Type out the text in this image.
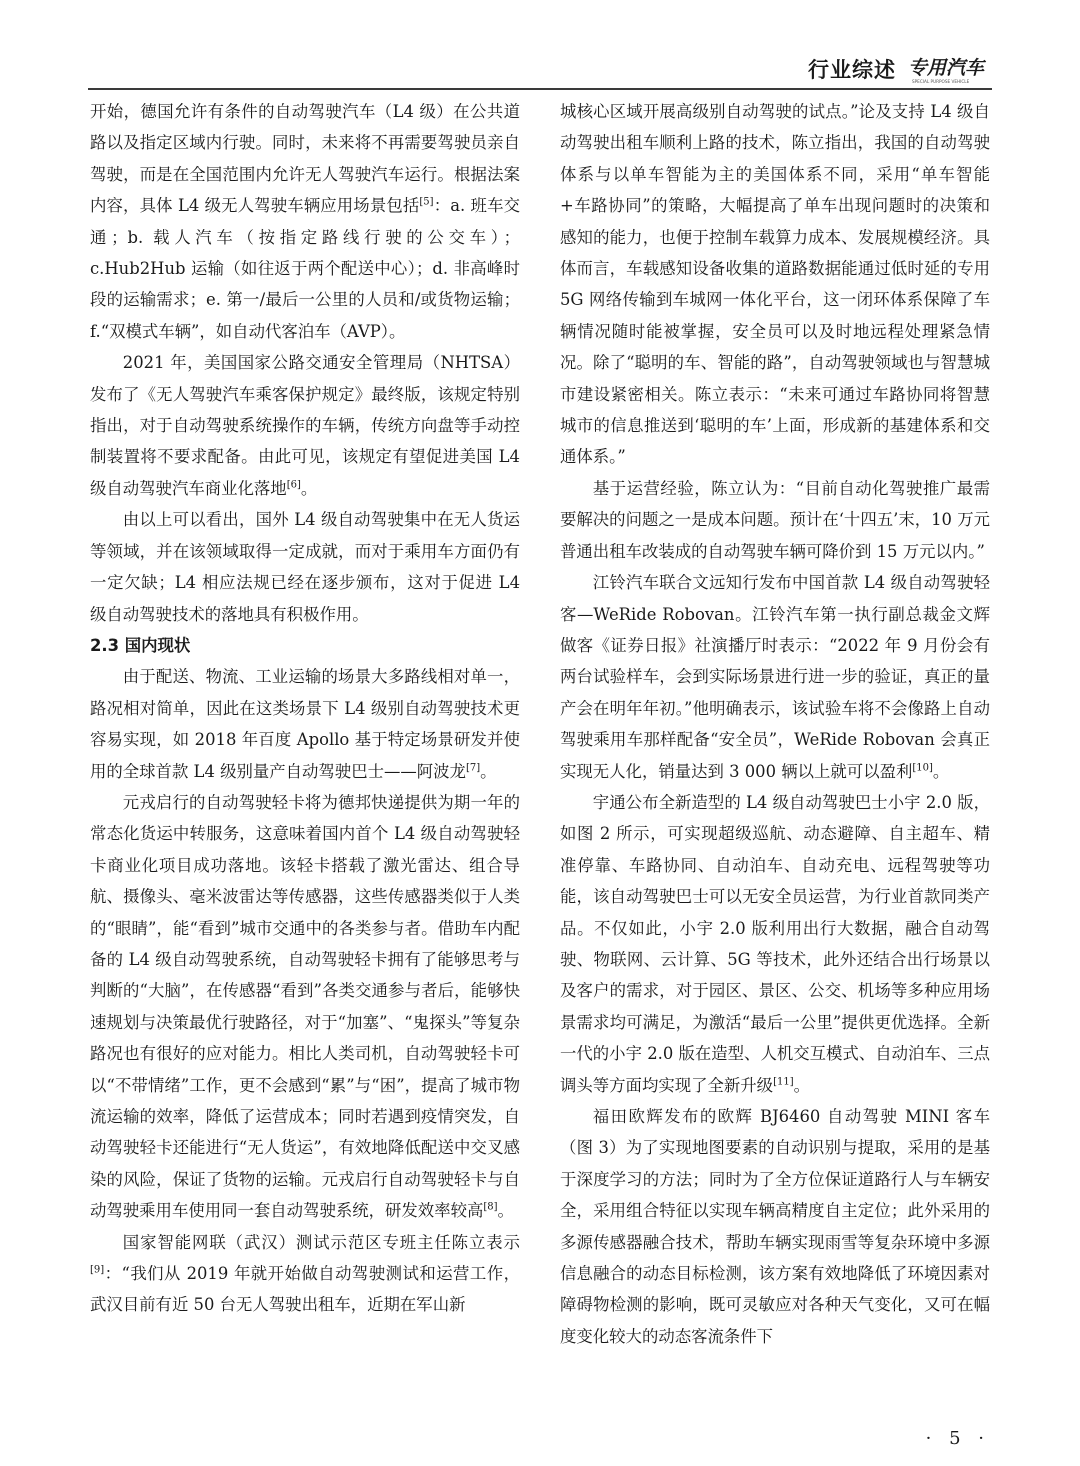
行业综述 专用汽车
SPECIAL PURPOSE VEHICLE

开始，德国允许有条件的自动驾驶汽车（L4 级）在公共道路以及指定区域内行驶。同时，未来将不再需要驾驶员亲自驾驶，而是在全国范围内允许无人驾驶汽车运行。根据法案内容，具体 L4 级无人驾驶车辆应用场景包括[5]：a. 班车交通；b. 载人汽车（按指定路线行驶的公交车）；c.Hub2Hub 运输（如往返于两个配送中心）；d. 非高峰时段的运输需求；e. 第一/最后一公里的人员和/或货物运输；f.“双模式车辆”，如自动代客泊车（AVP）。

2021 年，美国国家公路交通安全管理局（NHTSA）发布了《无人驾驶汽车乘客保护规定》最终版，该规定特别指出，对于自动驾驶系统操作的车辆，传统方向盘等手动控制装置将不要求配备。由此可见，该规定有望促进美国 L4 级自动驾驶汽车商业化落地[6]。

由以上可以看出，国外 L4 级自动驾驶集中在无人货运等领域，并在该领域取得一定成就，而对于乘用车方面仍有一定欠缺；L4 相应法规已经在逐步颁布，这对于促进 L4 级自动驾驶技术的落地具有积极作用。

2.3 国内现状

由于配送、物流、工业运输的场景大多路线相对单一，路况相对简单，因此在这类场景下 L4 级别自动驾驶技术更容易实现，如 2018 年百度 Apollo 基于特定场景研发并使用的全球首款 L4 级别量产自动驾驶巴士——阿波龙[7]。

元戎启行的自动驾驶轻卡将为德邦快递提供为期一年的常态化货运中转服务，这意味着国内首个 L4 级自动驾驶轻卡商业化项目成功落地。该轻卡搭载了激光雷达、组合导航、摄像头、毫米波雷达等传感器，这些传感器类似于人类的“眼睛”，能“看到”城市交通中的各类参与者。借助车内配备的 L4 级自动驾驶系统，自动驾驶轻卡拥有了能够思考与判断的“大脑”，在传感器“看到”各类交通参与者后，能够快速规划与决策最优行驶路径，对于“加塞”、“鬼探头”等复杂路况也有很好的应对能力。相比人类司机，自动驾驶轻卡可以“不带情绪”工作，更不会感到“累”与“困”，提高了城市物流运输的效率，降低了运营成本；同时若遇到疫情突发，自动驾驶轻卡还能进行“无人货运”，有效地降低配送中交叉感染的风险，保证了货物的运输。元戎启行自动驾驶轻卡与自动驾驶乘用车使用同一套自动驾驶系统，研发效率较高[8]。

国家智能网联（武汉）测试示范区专班主任陈立表示[9]：“我们从 2019 年就开始做自动驾驶测试和运营工作，武汉目前有近 50 台无人驾驶出租车，近期在军山新

城核心区域开展高级别自动驾驶的试点。”论及支持 L4 级自动驾驶出租车顺利上路的技术，陈立指出，我国的自动驾驶体系与以单车智能为主的美国体系不同，采用“单车智能+车路协同”的策略，大幅提高了单车出现问题时的决策和感知的能力，也便于控制车载算力成本、发展规模经济。具体而言，车载感知设备收集的道路数据能通过低时延的专用 5G 网络传输到车城网一体化平台，这一闭环体系保障了车辆情况随时能被掌握，安全员可以及时地远程处理紧急情况。除了“聪明的车、智能的路”，自动驾驶领域也与智慧城市建设紧密相关。陈立表示：“未来可通过车路协同将智慧城市的信息推送到‘聪明的车’上面，形成新的基建体系和交通体系。”

基于运营经验，陈立认为：“目前自动化驾驶推广最需要解决的问题之一是成本问题。预计在‘十四五’末，10 万元普通出租车改装成的自动驾驶车辆可降价到 15 万元以内。”

江铃汽车联合文远知行发布中国首款 L4 级自动驾驶轻客—WeRide Robovan。江铃汽车第一执行副总裁金文辉做客《证券日报》社演播厅时表示：“2022 年 9 月份会有两台试验样车，会到实际场景进行进一步的验证，真正的量产会在明年年初。”他明确表示，该试验车将不会像路上自动驾驶乘用车那样配备“安全员”，WeRide Robovan 会真正实现无人化，销量达到 3 000 辆以上就可以盈利[10]。

宇通公布全新造型的 L4 级自动驾驶巴士小宇 2.0 版，如图 2 所示，可实现超级巡航、动态避障、自主超车、精准停靠、车路协同、自动泊车、自动充电、远程驾驶等功能，该自动驾驶巴士可以无安全员运营，为行业首款同类产品。不仅如此，小宇 2.0 版利用出行大数据，融合自动驾驶、物联网、云计算、5G 等技术，此外还结合出行场景以及客户的需求，对于园区、景区、公交、机场等多种应用场景需求均可满足，为激活“最后一公里”提供更优选择。全新一代的小宇 2.0 版在造型、人机交互模式、自动泊车、三点调头等方面均实现了全新升级[11]。

福田欧辉发布的欧辉 BJ6460 自动驾驶 MINI 客车（图 3）为了实现地图要素的自动识别与提取，采用的是基于深度学习的方法；同时为了全方位保证道路行人与车辆安全，采用组合特征以实现车辆高精度自主定位；此外采用的多源传感器融合技术，帮助车辆实现雨雪等复杂环境中多源信息融合的动态目标检测，该方案有效地降低了环境因素对障碍物检测的影响，既可灵敏应对各种天气变化，又可在幅度变化较大的动态客流条件下

· 5 ·
